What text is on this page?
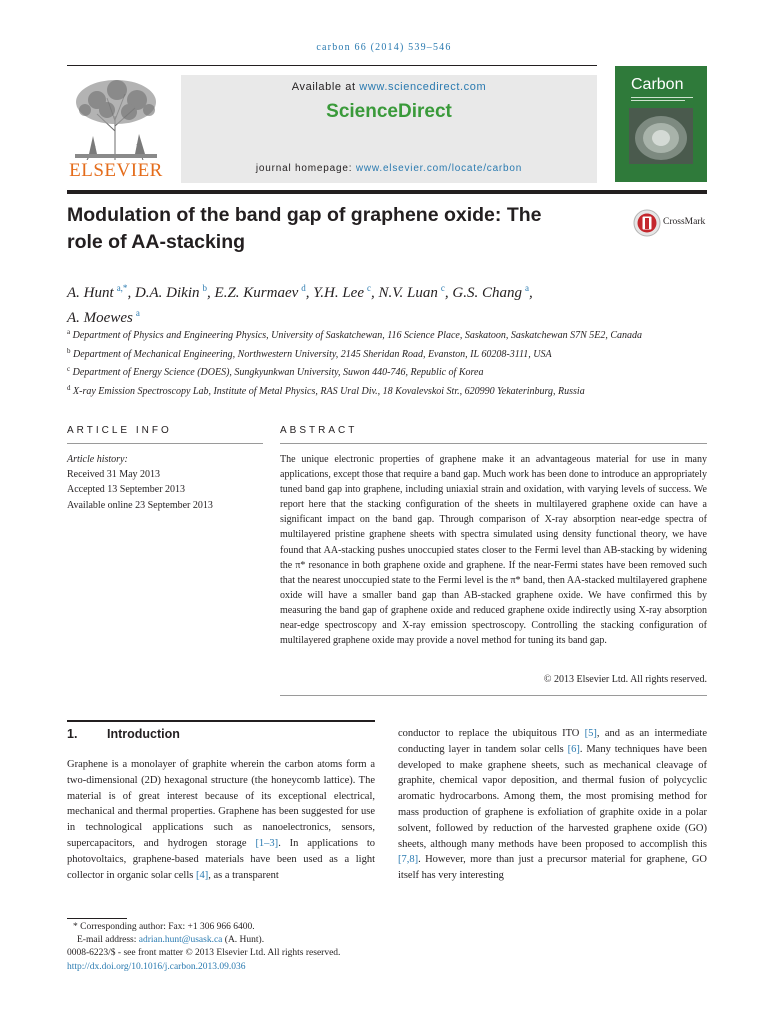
carbon 66 (2014) 539–546
ELSEVIER
Available at www.sciencedirect.com
ScienceDirect
journal homepage: www.elsevier.com/locate/carbon
Carbon
Modulation of the band gap of graphene oxide: The
role of AA-stacking
CrossMark
A. Hunt  $^{a,*}$, D.A. Dikin  $^b$, E.Z. Kurmaev  $^d$, Y.H. Lee  $^c$, N.V. Luan  $^c$, G.S. Chang  $^a$,
A. Moewes  $^a$
$^a$ Department of Physics and Engineering Physics, University of Saskatchewan, 116 Science Place, Saskatoon, Saskatchewan S7N 5E2, Canada
$^b$ Department of Mechanical Engineering, Northwestern University, 2145 Sheridan Road, Evanston, IL 60208-3111, USA
$^c$ Department of Energy Science (DOES), Sungkyunkwan University, Suwon 440-746, Republic of Korea
$^d$ X-ray Emission Spectroscopy Lab, Institute of Metal Physics, RAS Ural Div., 18 Kovalevskoi Str., 620990 Yekaterinburg, Russia
ARTICLE INFO
Article history:
Received 31 May 2013
Accepted 13 September 2013
Available online 23 September 2013
ABSTRACT
The unique electronic properties of graphene make it an advantageous material for use in many applications, except those that require a band gap. Much work has been done to introduce an appropriately tuned band gap into graphene, including uniaxial strain and oxidation, with varying levels of success. We report here that the stacking configuration of the sheets in multilayered graphene oxide can have a significant impact on the band gap. Through comparison of X-ray absorption near-edge spectra of multilayered pristine graphene sheets with spectra simulated using density functional theory, we have found that AA-stacking pushes unoccupied states closer to the Fermi level than AB-stacking by widening the π* resonance in both graphene oxide and graphene. If the near-Fermi states have been removed such that the nearest unoccupied state to the Fermi level is the π* band, then AA-stacked multilayered graphene oxide will have a smaller band gap than AB-stacked graphene oxide. We have confirmed this by measuring the band gap of graphene oxide and reduced graphene oxide indirectly using X-ray absorption near-edge spectroscopy and X-ray emission spectroscopy. Controlling the stacking configuration of multilayered graphene oxide may provide a novel method for tuning its band gap.
© 2013 Elsevier Ltd. All rights reserved.
1. Introduction
Graphene is a monolayer of graphite wherein the carbon atoms form a two-dimensional (2D) hexagonal structure (the honeycomb lattice). The material is of great interest because of its exceptional electrical, mechanical and thermal properties. Graphene has been suggested for use in technological applications such as nanoelectronics, sensors, supercapacitors, and hydrogen storage [1–3]. In applications to photovoltaics, graphene-based materials have been used as a light collector in organic solar cells [4], as a transparent
conductor to replace the ubiquitous ITO [5], and as an intermediate conducting layer in tandem solar cells [6]. Many techniques have been developed to make graphene sheets, such as mechanical cleavage of graphite, chemical vapor deposition, and thermal fusion of polycyclic aromatic hydrocarbons. Among them, the most promising method for mass production of graphene is exfoliation of graphite oxide in a polar solvent, followed by reduction of the harvested graphene oxide (GO) sheets, although many methods have been proposed to accomplish this [7,8]. However, more than just a precursor material for graphene, GO itself has very interesting
* Corresponding author: Fax: +1 306 966 6400.
E-mail address: adrian.hunt@usask.ca (A. Hunt).
0008-6223/$ - see front matter © 2013 Elsevier Ltd. All rights reserved.
http://dx.doi.org/10.1016/j.carbon.2013.09.036
